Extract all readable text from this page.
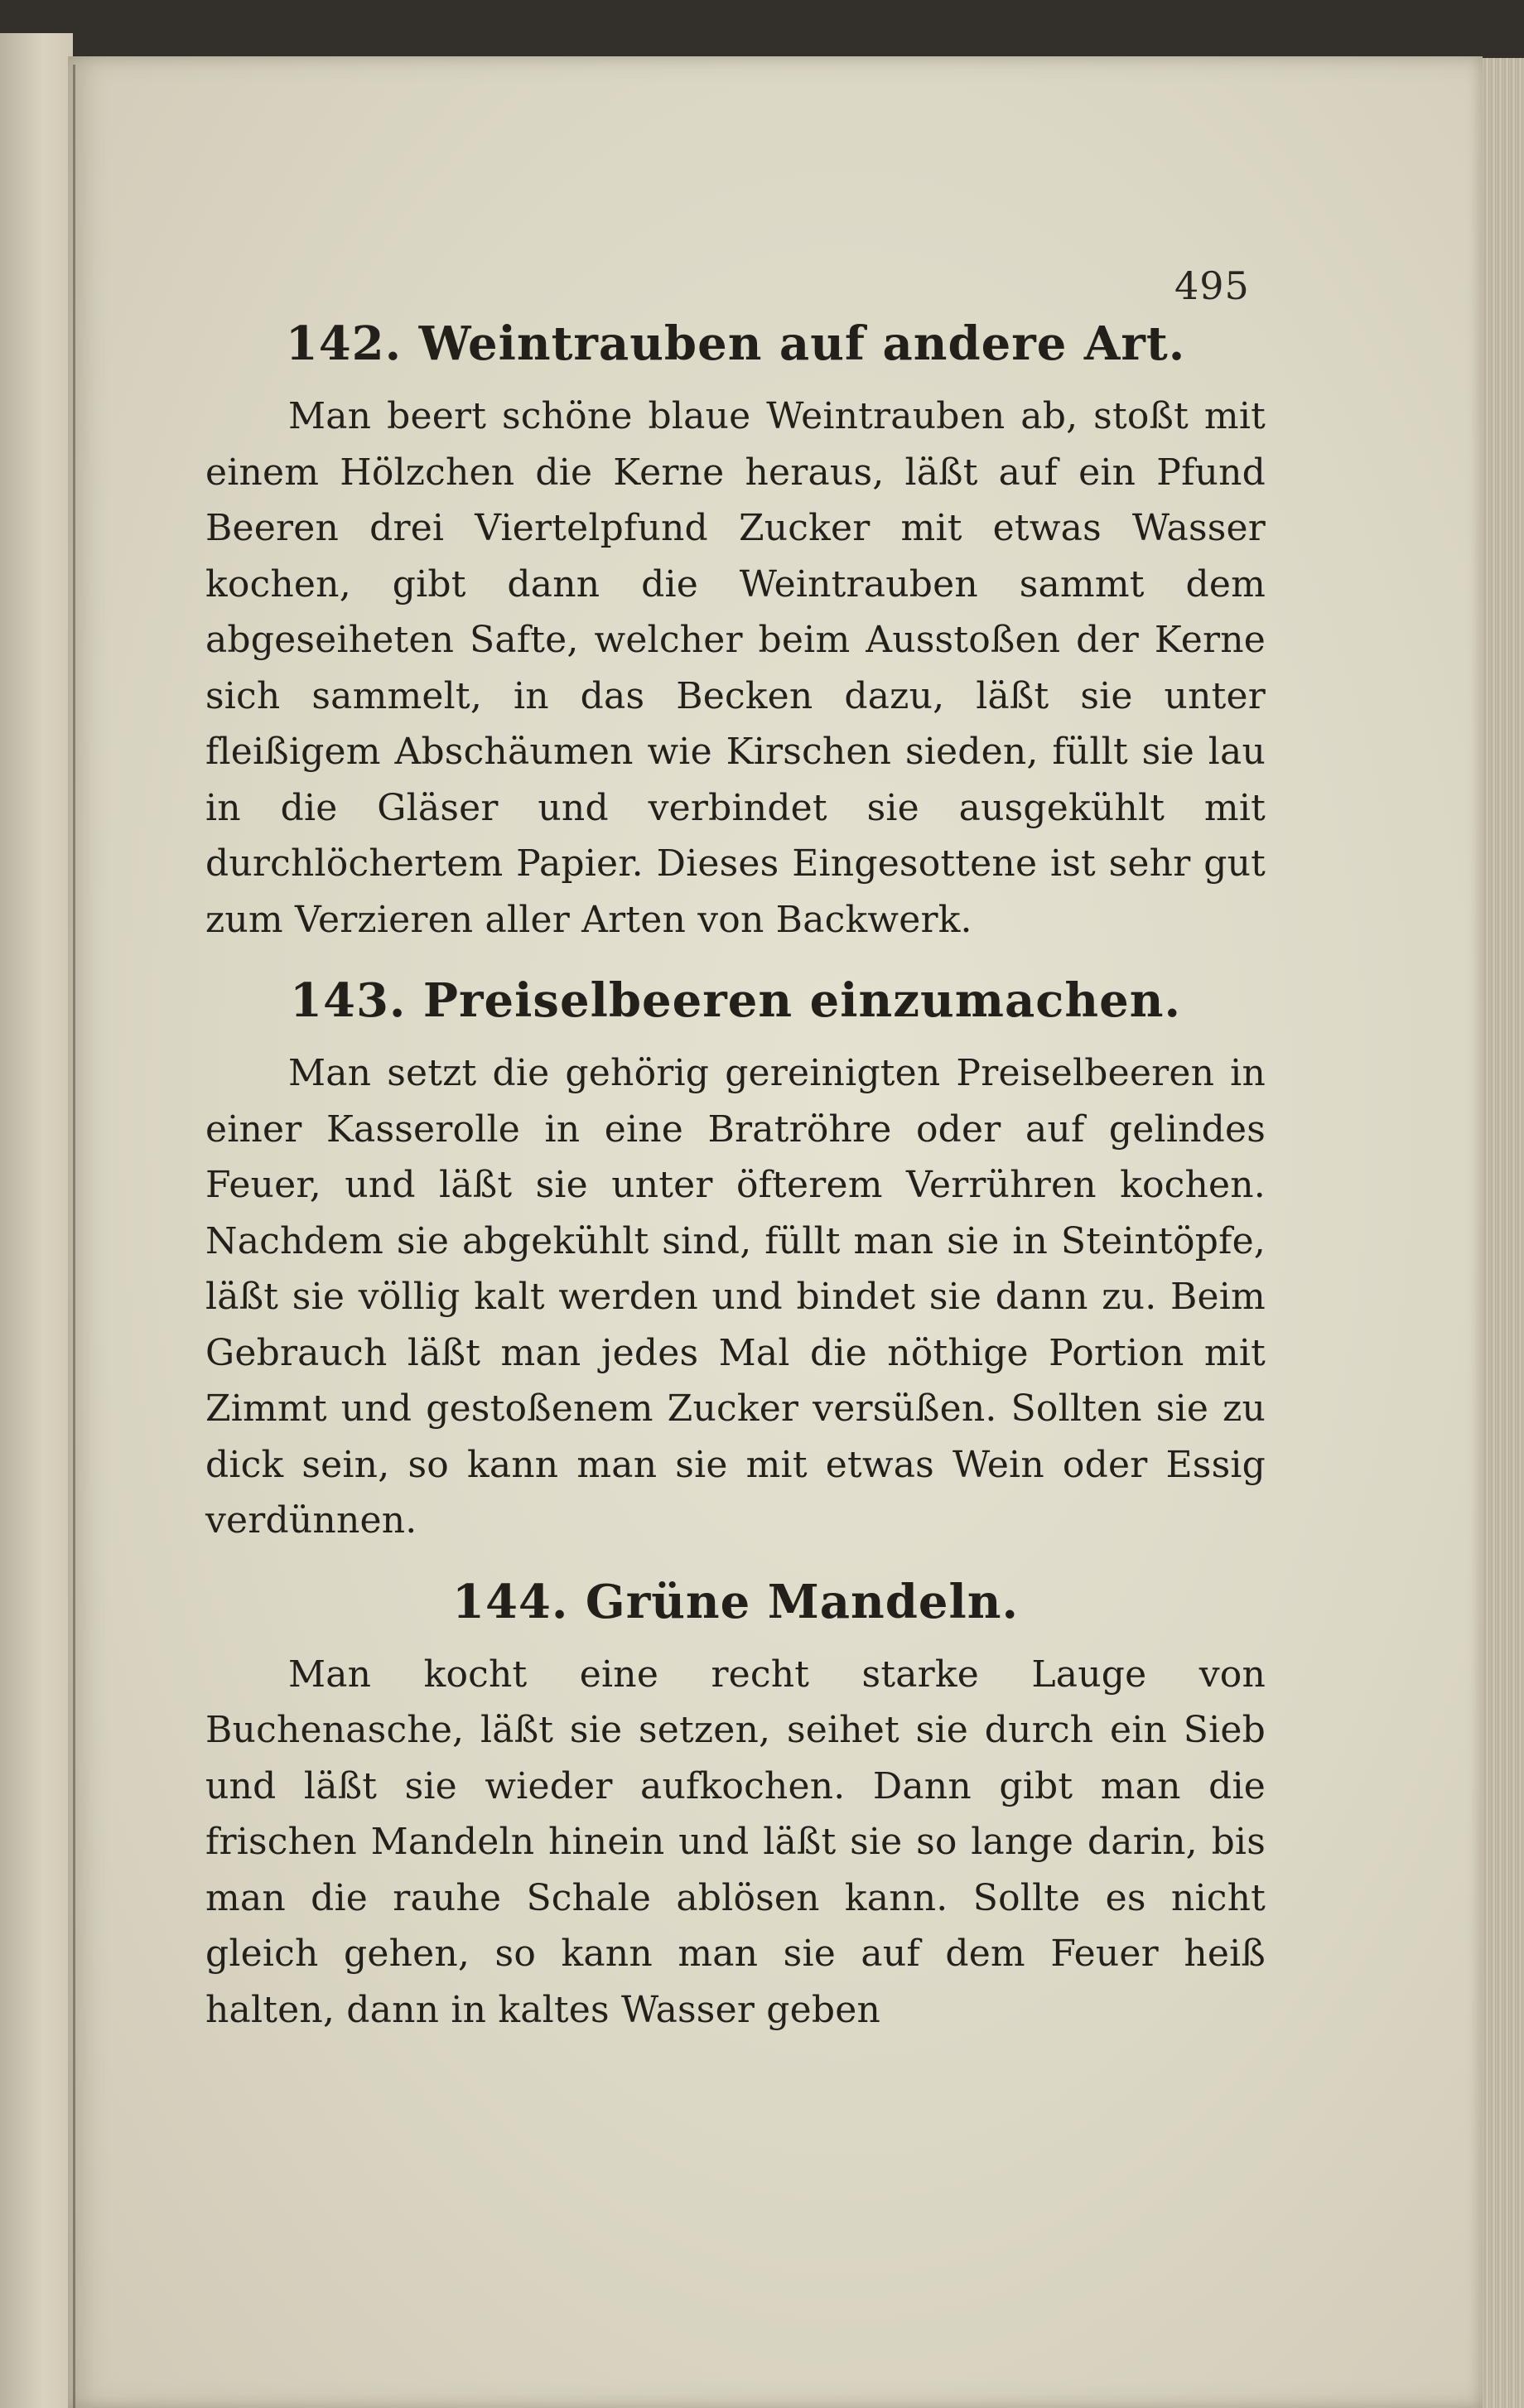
495
142. Weintrauben auf andere Art.

Man beert schöne blaue Weintrauben ab, stoßt mit einem Hölzchen die Kerne heraus, läßt auf ein Pfund Beeren drei Viertelpfund Zucker mit etwas Wasser kochen, gibt dann die Weintrauben sammt dem abgeseiheten Safte, welcher beim Ausstoßen der Kerne sich sammelt, in das Becken dazu, läßt sie unter fleißigem Abschäumen wie Kirschen sieden, füllt sie lau in die Gläser und verbindet sie ausgekühlt mit durchlöchertem Papier. Dieses Eingesottene ist sehr gut zum Verzieren aller Arten von Backwerk.

143. Preiselbeeren einzumachen.

Man setzt die gehörig gereinigten Preiselbeeren in einer Kasserolle in eine Bratröhre oder auf gelindes Feuer, und läßt sie unter öfterem Verrühren kochen. Nachdem sie abgekühlt sind, füllt man sie in Steintöpfe, läßt sie völlig kalt werden und bindet sie dann zu. Beim Gebrauch läßt man jedes Mal die nöthige Portion mit Zimmt und gestoßenem Zucker versüßen. Sollten sie zu dick sein, so kann man sie mit etwas Wein oder Essig verdünnen.

144. Grüne Mandeln.

Man kocht eine recht starke Lauge von Buchenasche, läßt sie setzen, seihet sie durch ein Sieb und läßt sie wieder aufkochen. Dann gibt man die frischen Mandeln hinein und läßt sie so lange darin, bis man die rauhe Schale ablösen kann. Sollte es nicht gleich gehen, so kann man sie auf dem Feuer heiß halten, dann in kaltes Wasser geben
